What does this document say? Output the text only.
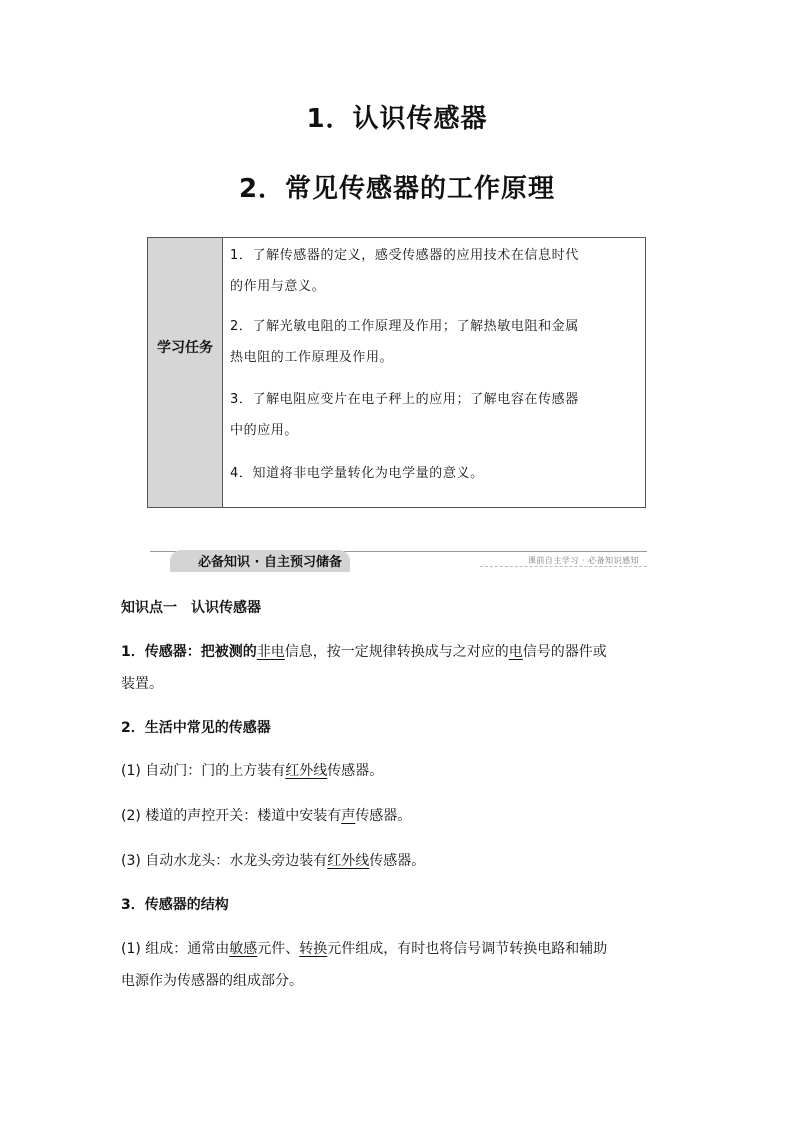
1．认识传感器
2．常见传感器的工作原理
学习任务
1．了解传感器的定义，感受传感器的应用技术在信息时代
的作用与意义。
2．了解光敏电阻的工作原理及作用；了解热敏电阻和金属
热电阻的工作原理及作用。
3．了解电阻应变片在电子秤上的应用；了解电容在传感器
中的应用。
4．知道将非电学量转化为电学量的意义。
必备知识 · 自主预习储备	课前自主学习 · 必备知识感知
知识点一　认识传感器
1．传感器：把被测的非电信息，按一定规律转换成与之对应的电信号的器件或
装置。
2．生活中常见的传感器
(1) 自动门：门的上方装有红外线传感器。
(2) 楼道的声控开关：楼道中安装有声传感器。
(3) 自动水龙头：水龙头旁边装有红外线传感器。
3．传感器的结构
(1) 组成：通常由敏感元件、转换元件组成，有时也将信号调节转换电路和辅助
电源作为传感器的组成部分。
